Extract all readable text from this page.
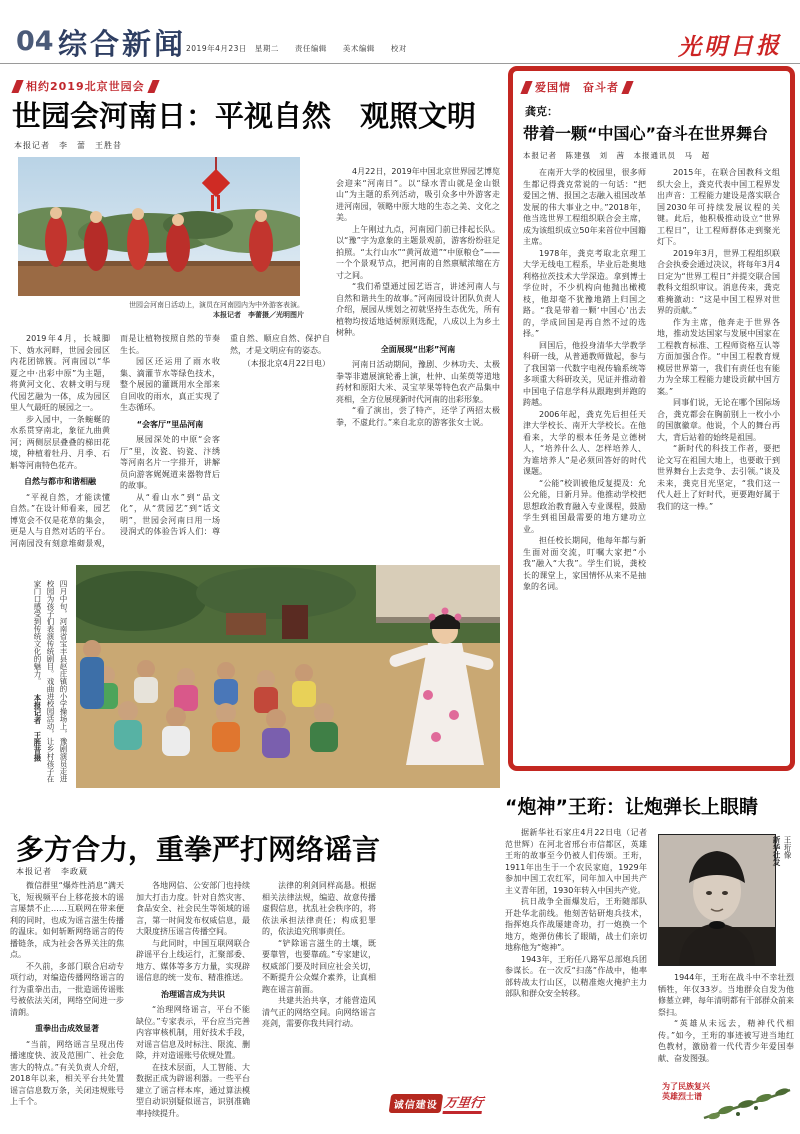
04 综合新闻 2019年4月23日　星期二　　责任编辑　　美术编辑　　校对	光明日报
相约2019北京世园会
世园会河南日：平视自然　观照文明
本报记者　李　蕾　王胜昔
世园会河南日活动上，演员在河南园内为中外游客表演。
本报记者　李蕾摄／光明图片

4月22日，2019年中国北京世界园艺博览会迎来“河南日”。以“绿水青山就是金山银山”为主题的系列活动，吸引众多中外游客走进河南园，领略中原大地的生态之美、文化之美。

上午刚过九点，河南园门前已排起长队。以“豫”字为意象的主题景观前，游客纷纷驻足拍照。“太行山水”“黄河故道”“中原粮仓”——一个个景观节点，把河南的自然禀赋浓缩在方寸之间。

“我们希望通过园艺语言，讲述河南人与自然和谐共生的故事。”河南园设计团队负责人介绍，展园从规划之初就坚持生态优先，所有植物均按适地适树原则选配，八成以上为乡土树种。

全面展现“出彩”河南

河南日活动期间，豫剧、少林功夫、太极拳等非遗展演轮番上演，杜仲、山茱萸等道地药材和原阳大米、灵宝苹果等特色农产品集中亮相，全方位展现新时代河南的出彩形象。

“看了演出，尝了特产，还学了两招太极拳，不虚此行。”来自北京的游客张女士说。

2019年4月，长城脚下、妫水河畔，世园会园区内花团锦簇。河南园以“华夏之中·出彩中原”为主题，将黄河文化、农耕文明与现代园艺融为一体，成为园区里人气最旺的展园之一。

步入园中，一条蜿蜒的水系贯穿南北，象征九曲黄河；两侧层层叠叠的梯田花境，种植着牡丹、月季、石斛等河南特色花卉。

自然与都市和谐相融

“平视自然，才能读懂自然。”在设计师看来，园艺博览会不仅是花草的集会，更是人与自然对话的平台。河南园没有刻意堆砌景观，而是让植物按照自然的节奏生长。

园区还运用了雨水收集、滴灌节水等绿色技术，整个展园的灌溉用水全部来自回收的雨水，真正实现了生态循环。

“会客厅”里品河南

展园深处的中原“会客厅”里，汝瓷、钧瓷、汴绣等河南名片一字排开，讲解员向游客娓娓道来器物背后的故事。

从“看山水”到“品文化”，从“赏园艺”到“话文明”，世园会河南日用一场浸润式的体验告诉人们：尊重自然、顺应自然、保护自然，才是文明应有的姿态。

（本报北京4月22日电）

四月中旬，河南省宝丰县赵庄镇的小学操场上，豫剧演员走进校园为孩子们表演传统剧目。戏曲进校园活动，让乡村孩子在家门口感受到传统文化的魅力。 本报记者　王胜昔摄
爱国情　奋斗者
龚克：
带着一颗“中国心”奋斗在世界舞台
本报记者　陈建强　刘　茜　本报通讯员　马　超

在南开大学的校园里，很多师生都记得龚克常说的一句话：“把爱国之情、报国之志融入祖国改革发展的伟大事业之中。”2018年，他当选世界工程组织联合会主席，成为该组织成立50年来首位中国籍主席。

1978年，龚克考取北京理工大学无线电工程系，毕业后赴奥地利格拉茨技术大学深造。拿到博士学位时，不少机构向他抛出橄榄枝，他却毫不犹豫地踏上归国之路。“我是带着一颗‘中国心’出去的，学成回国是再自然不过的选择。”

回国后，他投身清华大学教学科研一线，从普通教师做起，参与了我国第一代数字电视传输系统等多项重大科研攻关，见证并推动着中国电子信息学科从跟跑到并跑的跨越。

2006年起，龚克先后担任天津大学校长、南开大学校长。在他看来，大学的根本任务是立德树人，“培养什么人、怎样培养人、为谁培养人”是必须回答好的时代课题。

“公能”校训被他反复提及：允公允能，日新月异。他推动学校把思想政治教育融入专业课程，鼓励学生到祖国最需要的地方建功立业。

担任校长期间，他每年都与新生面对面交流，叮嘱大家把“小我”融入“大我”。学生们说，龚校长的课堂上，家国情怀从来不是抽象的名词。

2015年，在联合国教科文组织大会上，龚克代表中国工程界发出声音：工程能力建设是落实联合国2030年可持续发展议程的关键。此后，他积极推动设立“世界工程日”，让工程师群体走到聚光灯下。

2019年3月，世界工程组织联合会执委会通过决议，将每年3月4日定为“世界工程日”并提交联合国教科文组织审议。消息传来，龚克难掩激动：“这是中国工程界对世界的贡献。”

作为主席，他奔走于世界各地，推动发达国家与发展中国家在工程教育标准、工程师资格互认等方面加强合作。“中国工程教育规模居世界第一，我们有责任也有能力为全球工程能力建设贡献中国方案。”

同事们说，无论在哪个国际场合，龚克都会在胸前别上一枚小小的国旗徽章。他说，个人的舞台再大，背后站着的始终是祖国。

“新时代的科技工作者，要把论文写在祖国大地上，也要敢于到世界舞台上去竞争、去引领。”谈及未来，龚克目光坚定，“我们这一代人赶上了好时代，更要跑好属于我们的这一棒。”

多方合力，重拳严打网络谣言
本报记者　李政葳

微信群里“爆炸性消息”满天飞，短视频平台上移花接木的谣言屡禁不止……互联网在带来便利的同时，也成为谣言滋生传播的温床。如何斩断网络谣言的传播链条，成为社会各界关注的焦点。

不久前，多部门联合启动专项行动，对编造传播网络谣言的行为重拳出击，一批造谣传谣账号被依法关闭，网络空间进一步清朗。

重拳出击成效显著

“当前，网络谣言呈现出传播速度快、波及范围广、社会危害大的特点。”有关负责人介绍，2018年以来，相关平台共处置谣言信息数万条，关闭违规账号上千个。

各地网信、公安部门也持续加大打击力度。针对自然灾害、食品安全、社会民生等领域的谣言，第一时间发布权威信息，最大限度挤压谣言传播空间。

与此同时，中国互联网联合辟谣平台上线运行，汇聚部委、地方、媒体等多方力量，实现辟谣信息的统一发布、精准推送。

治理谣言成为共识

“治理网络谣言，平台不能缺位。”专家表示，平台应当完善内容审核机制，用好技术手段，对谣言信息及时标注、限流、删除，并对造谣账号依规处置。

在技术层面，人工智能、大数据正成为辟谣利器。一些平台建立了谣言样本库，通过算法模型自动识别疑似谣言，识别准确率持续提升。

法律的利剑同样高悬。根据相关法律法规，编造、故意传播虚假信息，扰乱社会秩序的，将依法承担法律责任；构成犯罪的，依法追究刑事责任。

“铲除谣言滋生的土壤，既要靠管，也要靠疏。”专家建议，权威部门要及时回应社会关切，不断提升公众媒介素养，让真相跑在谣言前面。

共建共治共享，才能营造风清气正的网络空间。向网络谣言亮剑，需要你我共同行动。

诚信建设 万里行
“炮神”王珩：让炮弹长上眼睛

据新华社石家庄4月22日电（记者范世辉）在河北省邢台市信都区，英雄王珩的故事至今仍被人们传颂。王珩，1911年出生于一个农民家庭，1929年参加中国工农红军，同年加入中国共产主义青年团，1930年转入中国共产党。

抗日战争全面爆发后，王珩随部队开赴华北前线。他刻苦钻研炮兵技术，指挥炮兵作战屡建奇功，打一炮换一个地方，炮弹仿佛长了眼睛，战士们亲切地称他为“炮神”。

1943年，王珩任八路军总部炮兵团参谋长。在一次反“扫荡”作战中，他率部转战太行山区，以精准炮火掩护主力部队和群众安全转移。

王珩像
新华社发

1944年，王珩在战斗中不幸壮烈牺牲，年仅33岁。当地群众自发为他修墓立碑，每年清明都有干部群众前来祭扫。

“英雄从未远去，精神代代相传。”如今，王珩的事迹被写进当地红色教材，激励着一代代青少年爱国奉献、奋发图强。

为了民族复兴
英雄烈士谱
